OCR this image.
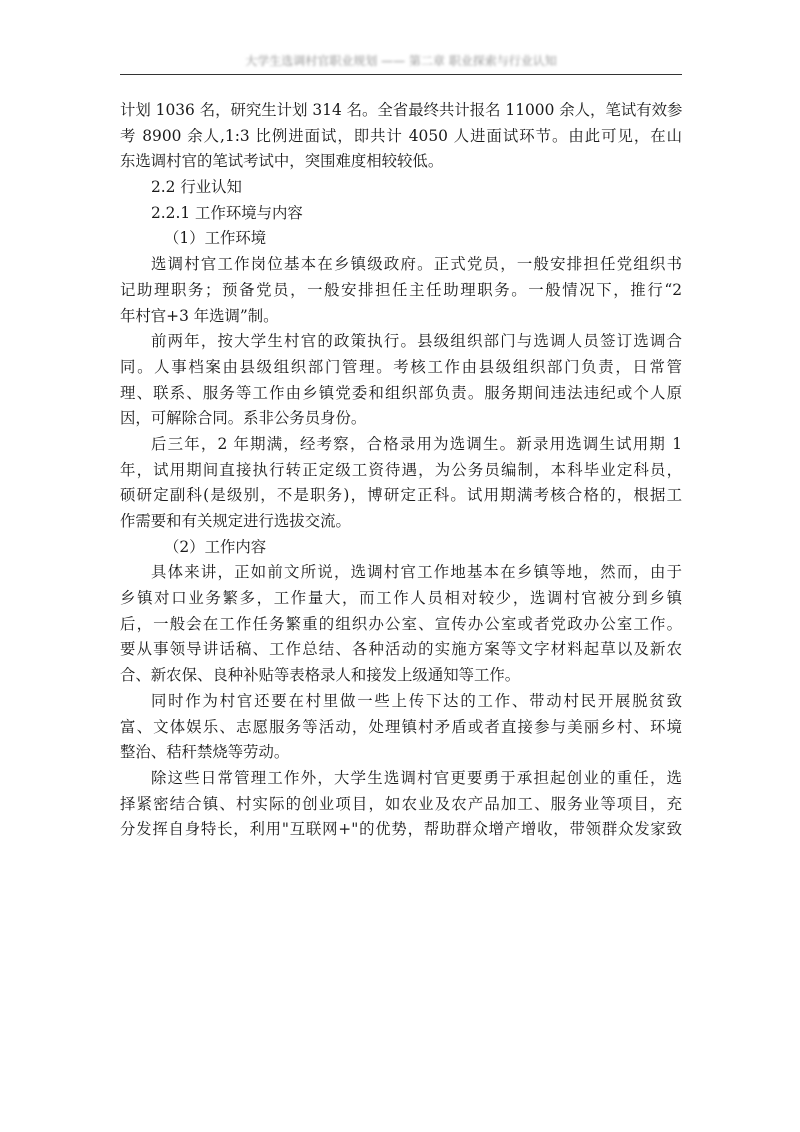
大学生选调村官职业规划 —— 第二章 职业探索与行业认知
计划 1036 名，研究生计划 314 名。全省最终共计报名 11000 余人，笔试有效参
考 8900 余人,1:3 比例进面试，即共计 4050 人进面试环节。由此可见，在山
东选调村官的笔试考试中，突围难度相较较低。
2.2 行业认知
2.2.1 工作环境与内容
（1）工作环境
选调村官工作岗位基本在乡镇级政府。正式党员，一般安排担任党组织书
记助理职务；预备党员，一般安排担任主任助理职务。一般情况下，推行“2
年村官+3 年选调”制。
前两年，按大学生村官的政策执行。县级组织部门与选调人员签订选调合
同。人事档案由县级组织部门管理。考核工作由县级组织部门负责，日常管
理、联系、服务等工作由乡镇党委和组织部负责。服务期间违法违纪或个人原
因，可解除合同。系非公务员身份。
后三年，2 年期满，经考察，合格录用为选调生。新录用选调生试用期 1
年，试用期间直接执行转正定级工资待遇，为公务员编制，本科毕业定科员，
硕研定副科(是级别，不是职务)，博研定正科。试用期满考核合格的，根据工
作需要和有关规定进行选拔交流。
（2）工作内容
具体来讲，正如前文所说，选调村官工作地基本在乡镇等地，然而，由于
乡镇对口业务繁多，工作量大，而工作人员相对较少，选调村官被分到乡镇
后，一般会在工作任务繁重的组织办公室、宣传办公室或者党政办公室工作。
要从事领导讲话稿、工作总结、各种活动的实施方案等文字材料起草以及新农
合、新农保、良种补贴等表格录人和接发上级通知等工作。
同时作为村官还要在村里做一些上传下达的工作、带动村民开展脱贫致
富、文体娱乐、志愿服务等活动，处理镇村矛盾或者直接参与美丽乡村、环境
整治、秸秆禁烧等劳动。
除这些日常管理工作外，大学生选调村官更要勇于承担起创业的重任，选
择紧密结合镇、村实际的创业项目，如农业及农产品加工、服务业等项目，充
分发挥自身特长，利用"互联网+"的优势，帮助群众增产增收，带领群众发家致
